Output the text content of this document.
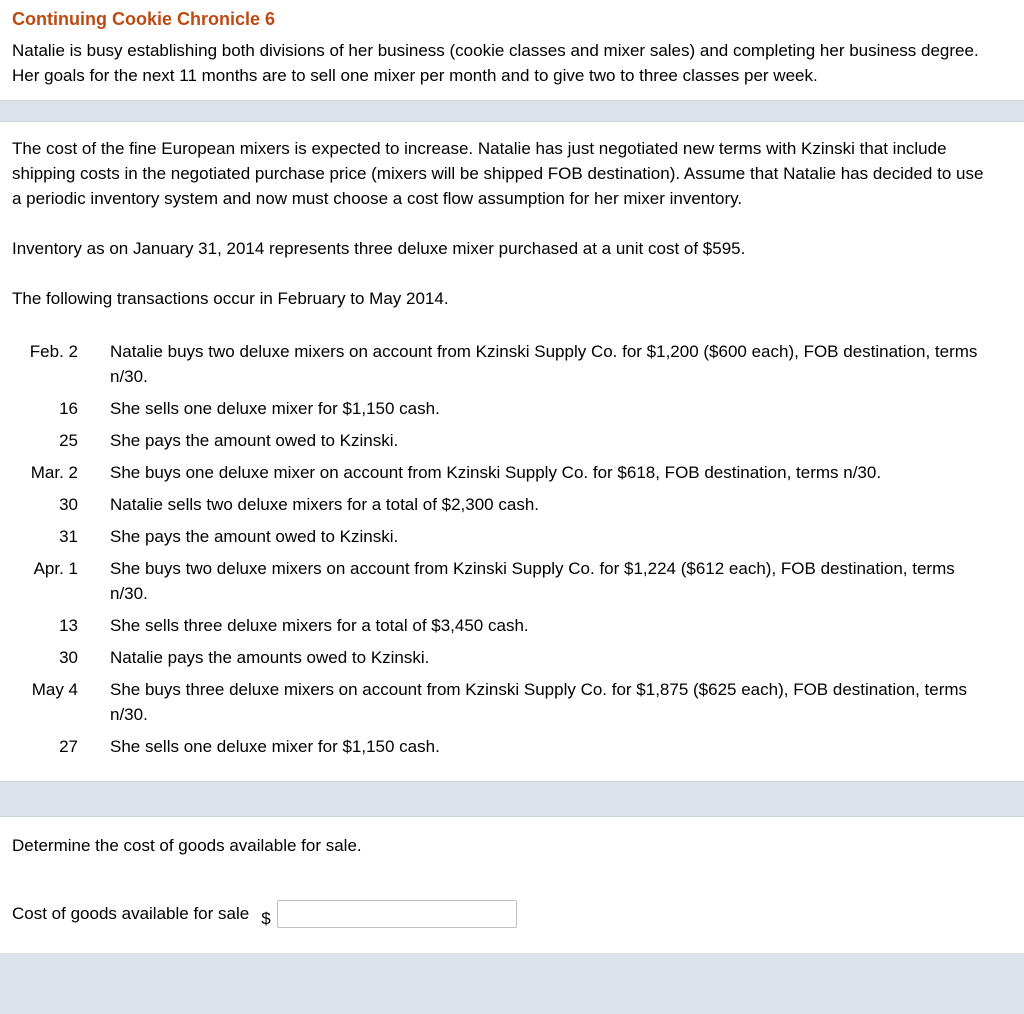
Continuing Cookie Chronicle 6

Natalie is busy establishing both divisions of her business (cookie classes and mixer sales) and completing her business degree. Her goals for the next 11 months are to sell one mixer per month and to give two to three classes per week.

The cost of the fine European mixers is expected to increase. Natalie has just negotiated new terms with Kzinski that include shipping costs in the negotiated purchase price (mixers will be shipped FOB destination). Assume that Natalie has decided to use a periodic inventory system and now must choose a cost flow assumption for her mixer inventory.

Inventory as on January 31, 2014 represents three deluxe mixer purchased at a unit cost of $595.

The following transactions occur in February to May 2014.

Feb. 2	Natalie buys two deluxe mixers on account from Kzinski Supply Co. for $1,200 ($600 each), FOB destination, terms n/30.
16	She sells one deluxe mixer for $1,150 cash.
25	She pays the amount owed to Kzinski.
Mar. 2	She buys one deluxe mixer on account from Kzinski Supply Co. for $618, FOB destination, terms n/30.
30	Natalie sells two deluxe mixers for a total of $2,300 cash.
31	She pays the amount owed to Kzinski.
Apr. 1	She buys two deluxe mixers on account from Kzinski Supply Co. for $1,224 ($612 each), FOB destination, terms n/30.
13	She sells three deluxe mixers for a total of $3,450 cash.
30	Natalie pays the amounts owed to Kzinski.
May 4	She buys three deluxe mixers on account from Kzinski Supply Co. for $1,875 ($625 each), FOB destination, terms n/30.
27	She sells one deluxe mixer for $1,150 cash.

Determine the cost of goods available for sale.

Cost of goods available for sale $
